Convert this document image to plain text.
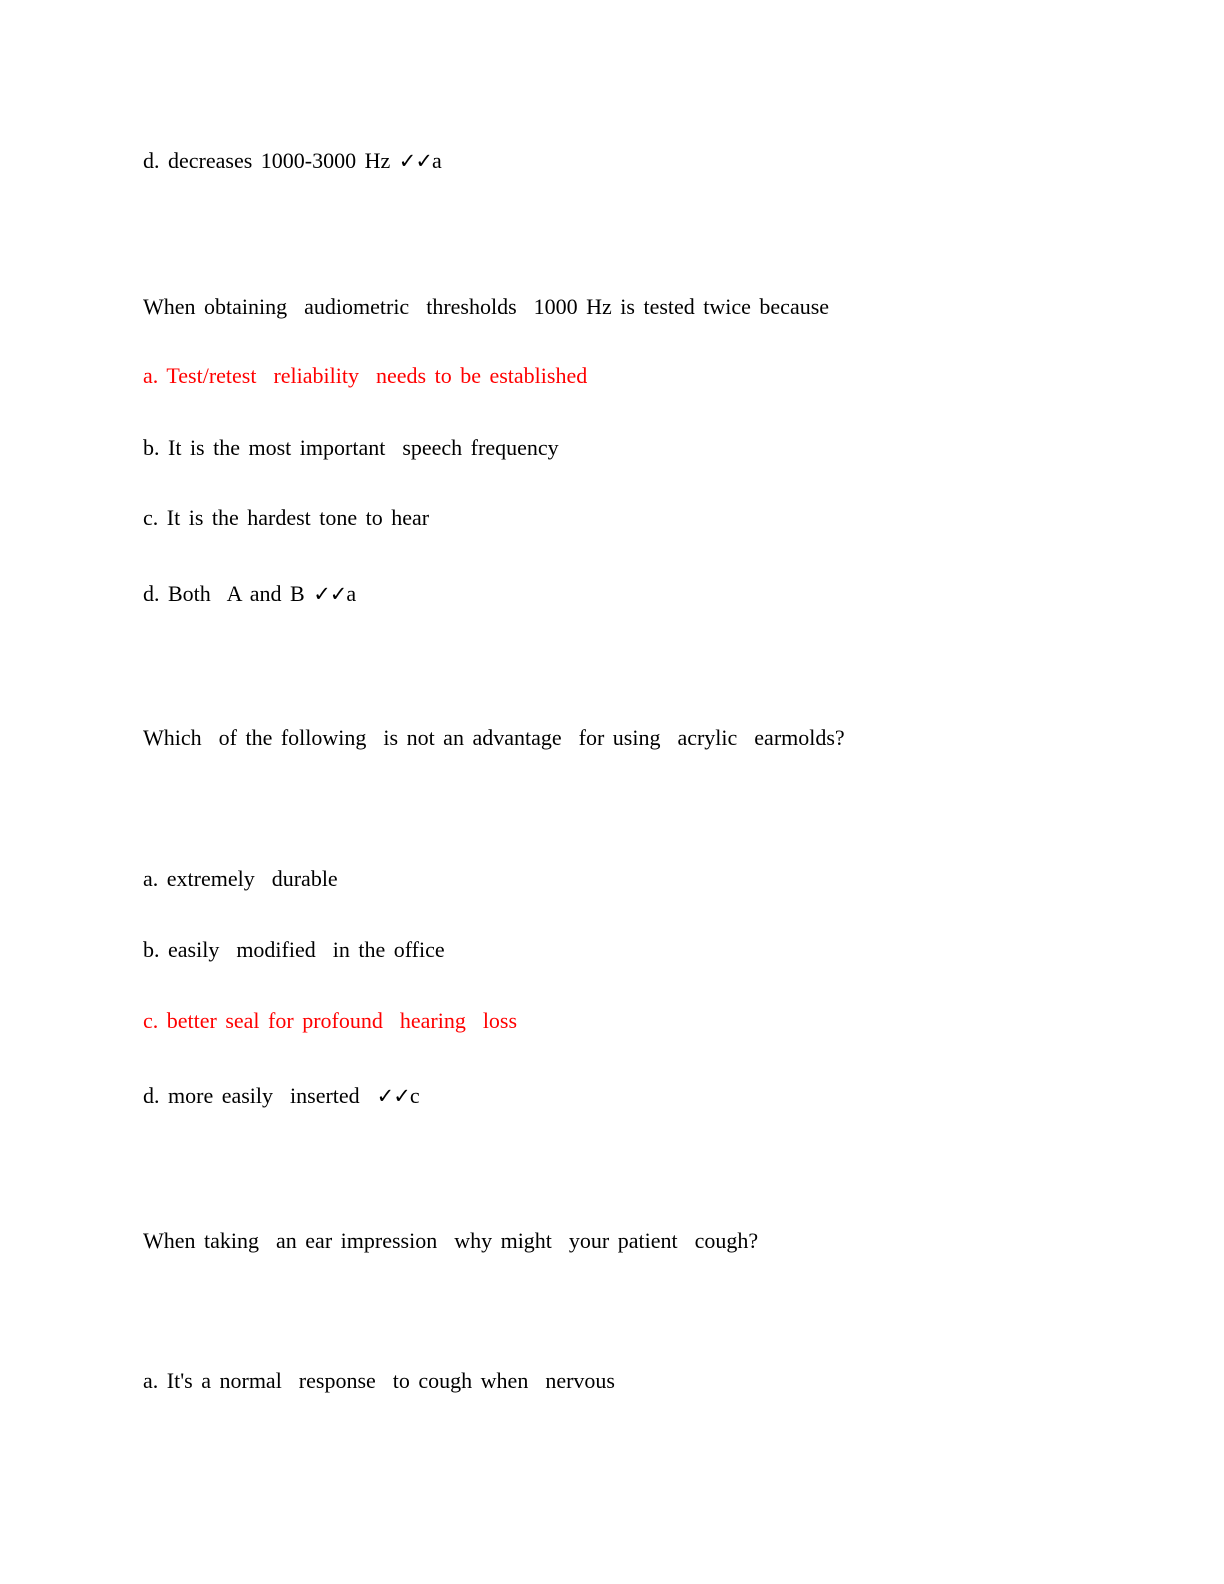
d. decreases 1000-3000 Hz ✓✓a
When obtaining  audiometric  thresholds  1000 Hz is tested twice because
a. Test/retest  reliability  needs to be established
b. It is the most important  speech frequency
c. It is the hardest tone to hear
d. Both  A and B ✓✓a
Which  of the following  is not an advantage  for using  acrylic  earmolds?
a. extremely  durable
b. easily  modified  in the office
c. better seal for profound  hearing  loss
d. more easily  inserted  ✓✓c
When taking  an ear impression  why might  your patient  cough?
a. It's a normal  response  to cough when  nervous
